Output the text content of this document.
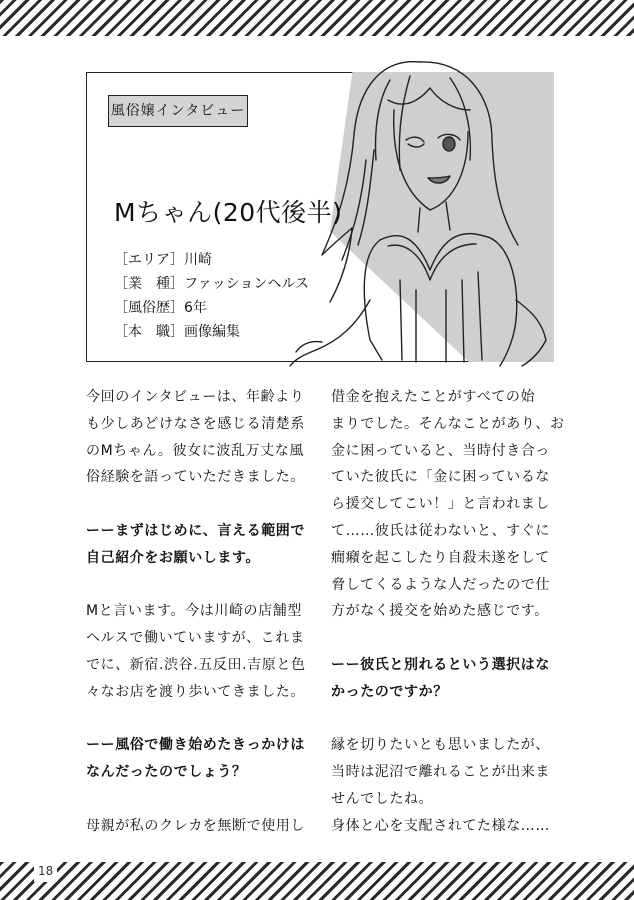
風俗嬢インタビュー
Mちゃん(20代後半)
［エリア］川崎
［業　種］ファッションヘルス
［風俗歴］6年
［本　職］画像編集

今回のインタビューは、年齢より

も少しあどけなさを感じる清楚系

のMちゃん。彼女に波乱万丈な風

俗経験を語っていただきました。

ーーまずはじめに、言える範囲で

自己紹介をお願いします。

Mと言います。今は川崎の店舗型

ヘルスで働いていますが、これま

でに、新宿.渋谷.五反田.吉原と色

々なお店を渡り歩いてきました。

ーー風俗で働き始めたきっかけは

なんだったのでしょう？

母親が私のクレカを無断で使用し

借金を抱えたことがすべての始

まりでした。そんなことがあり、お

金に困っていると、当時付き合っ

ていた彼氏に「金に困っているな

ら援交してこい！」と言われまし

て……彼氏は従わないと、すぐに

癇癪を起こしたり自殺未遂をして

脅してくるような人だったので仕

方がなく援交を始めた感じです。

ーー彼氏と別れるという選択はな

かったのですか？

縁を切りたいとも思いましたが、

当時は泥沼で離れることが出来ま

せんでしたね。

身体と心を支配されてた様な……

18
